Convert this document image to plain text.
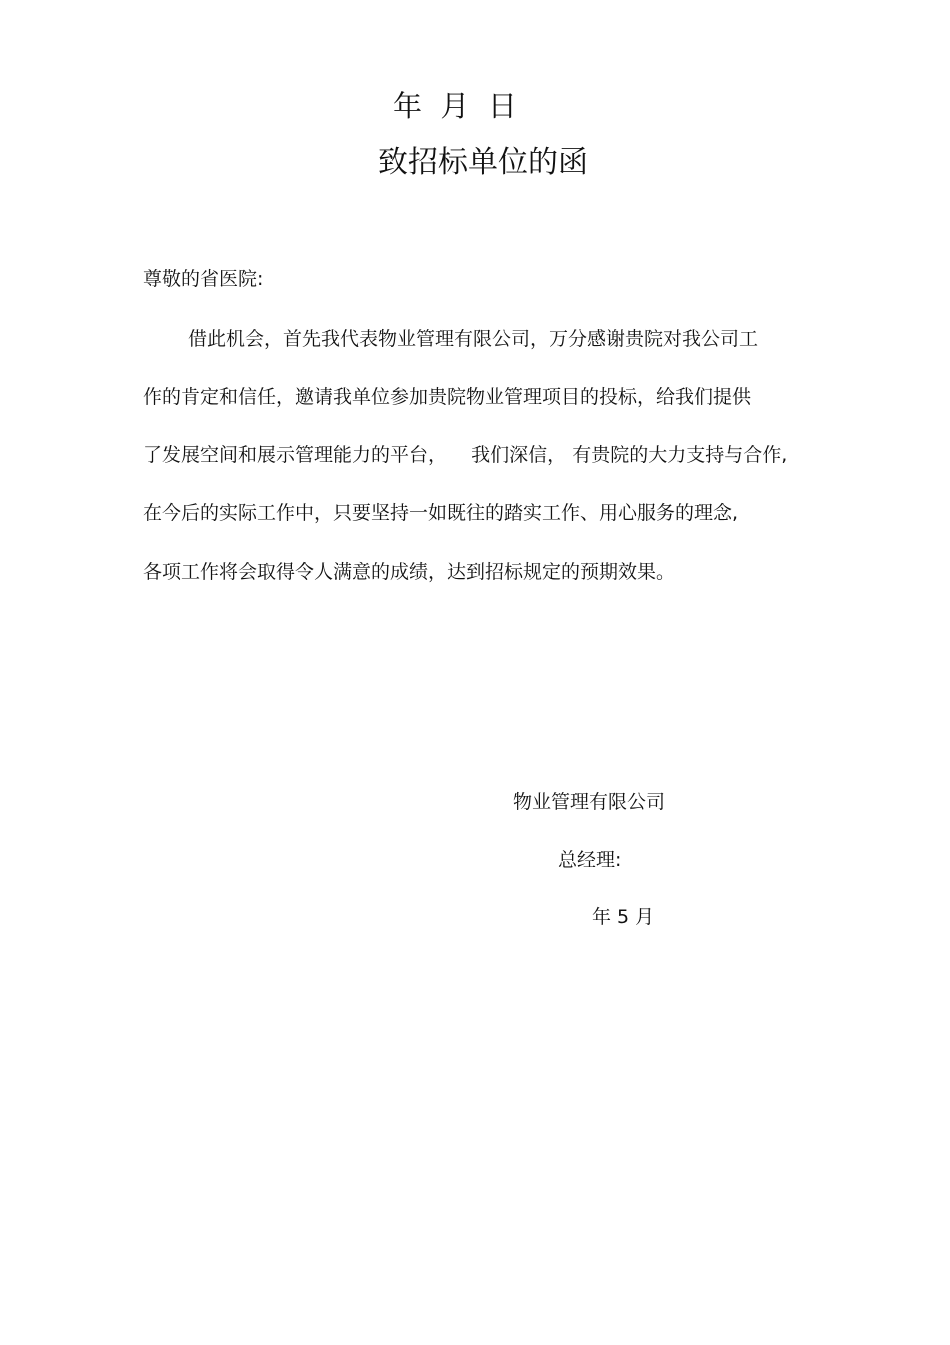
年  月  日
致招标单位的函
尊敬的省医院:
借此机会，首先我代表物业管理有限公司，万分感谢贵院对我公司工
作的肯定和信任，邀请我单位参加贵院物业管理项目的投标，给我们提供
了发展空间和展示管理能力的平台，    我们深信， 有贵院的大力支持与合作,
在今后的实际工作中，只要坚持一如既往的踏实工作、用心服务的理念,
各项工作将会取得令人满意的成绩，达到招标规定的预期效果。
物业管理有限公司
总经理:
年 5 月
